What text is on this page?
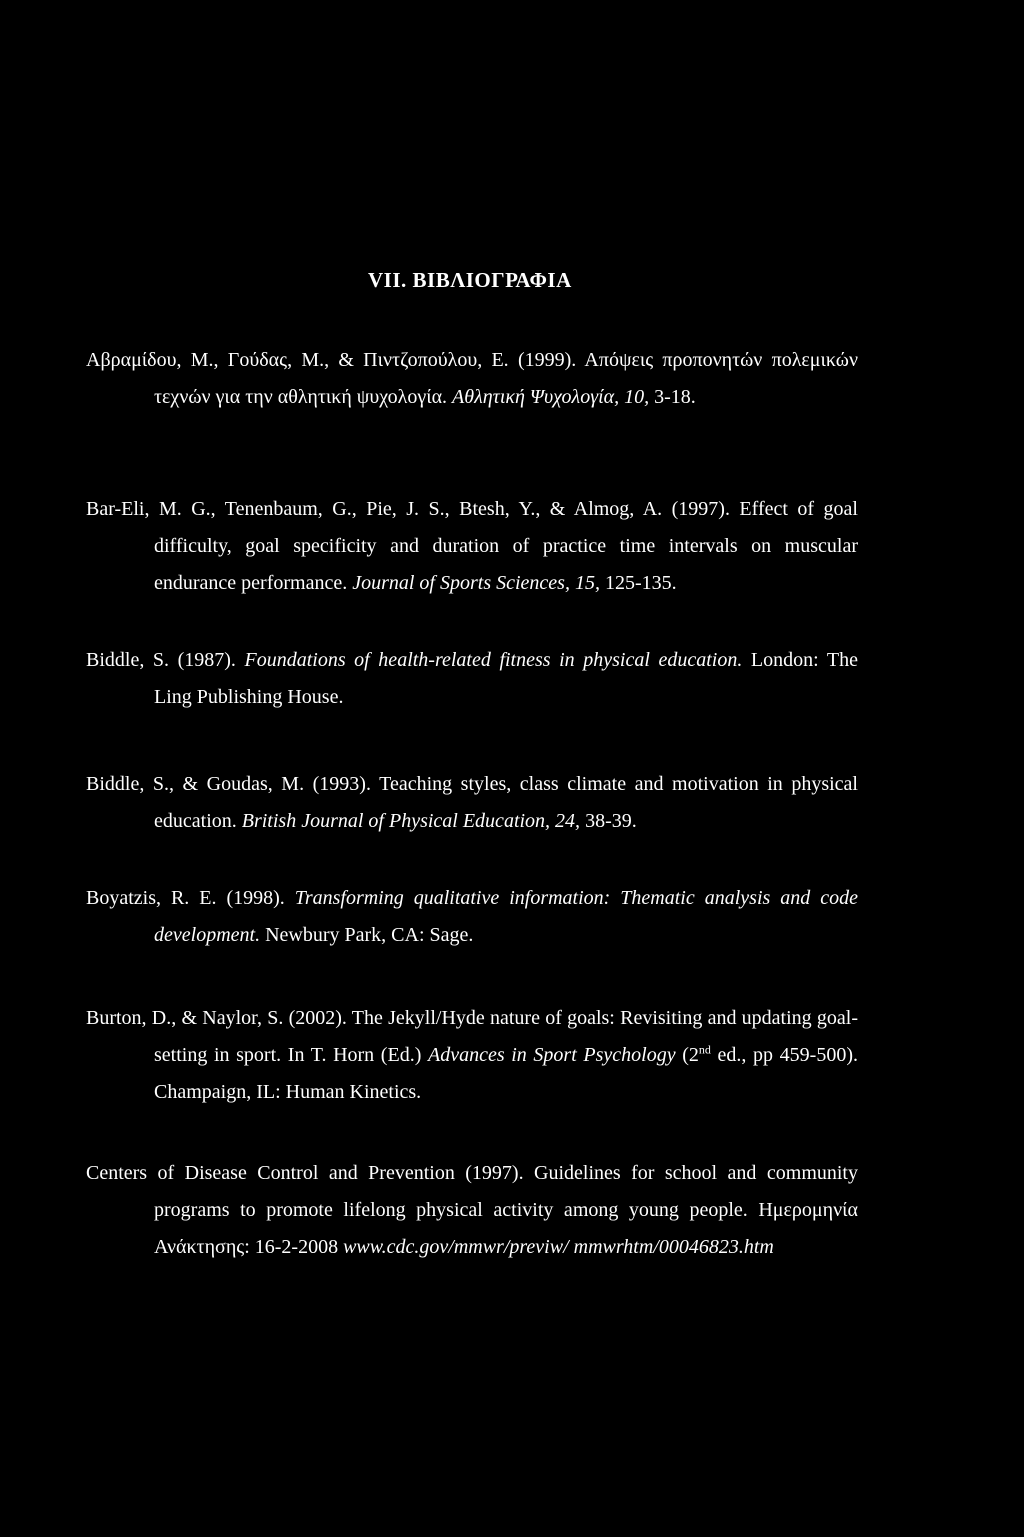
VII. ΒΙΒΛΙΟΓΡΑΦΙΑ
Αβραμίδου, Μ., Γούδας, Μ., & Πιντζοπούλου, Ε. (1999). Απόψεις προπονητών πολεμικών τεχνών για την αθλητική ψυχολογία. Αθλητική Ψυχολογία, 10, 3-18.
Bar-Eli, M. G., Tenenbaum, G., Pie, J. S., Btesh, Y., & Almog, A. (1997). Effect of goal difficulty, goal specificity and duration of practice time intervals on muscular endurance performance. Journal of Sports Sciences, 15, 125-135.
Biddle, S. (1987). Foundations of health-related fitness in physical education. London: The Ling Publishing House.
Biddle, S., & Goudas, M. (1993). Teaching styles, class climate and motivation in physical education. British Journal of Physical Education, 24, 38-39.
Boyatzis, R. E. (1998). Transforming qualitative information: Thematic analysis and code development. Newbury Park, CA: Sage.
Burton, D., & Naylor, S. (2002). The Jekyll/Hyde nature of goals: Revisiting and updating goal-setting in sport. In T. Horn (Ed.) Advances in Sport Psychology (2nd ed., pp 459-500). Champaign, IL: Human Kinetics.
Centers of Disease Control and Prevention (1997). Guidelines for school and community programs to promote lifelong physical activity among young people. Ημερομηνία Ανάκτησης: 16-2-2008 www.cdc.gov/mmwr/previw/ mmwrhtm/00046823.htm
